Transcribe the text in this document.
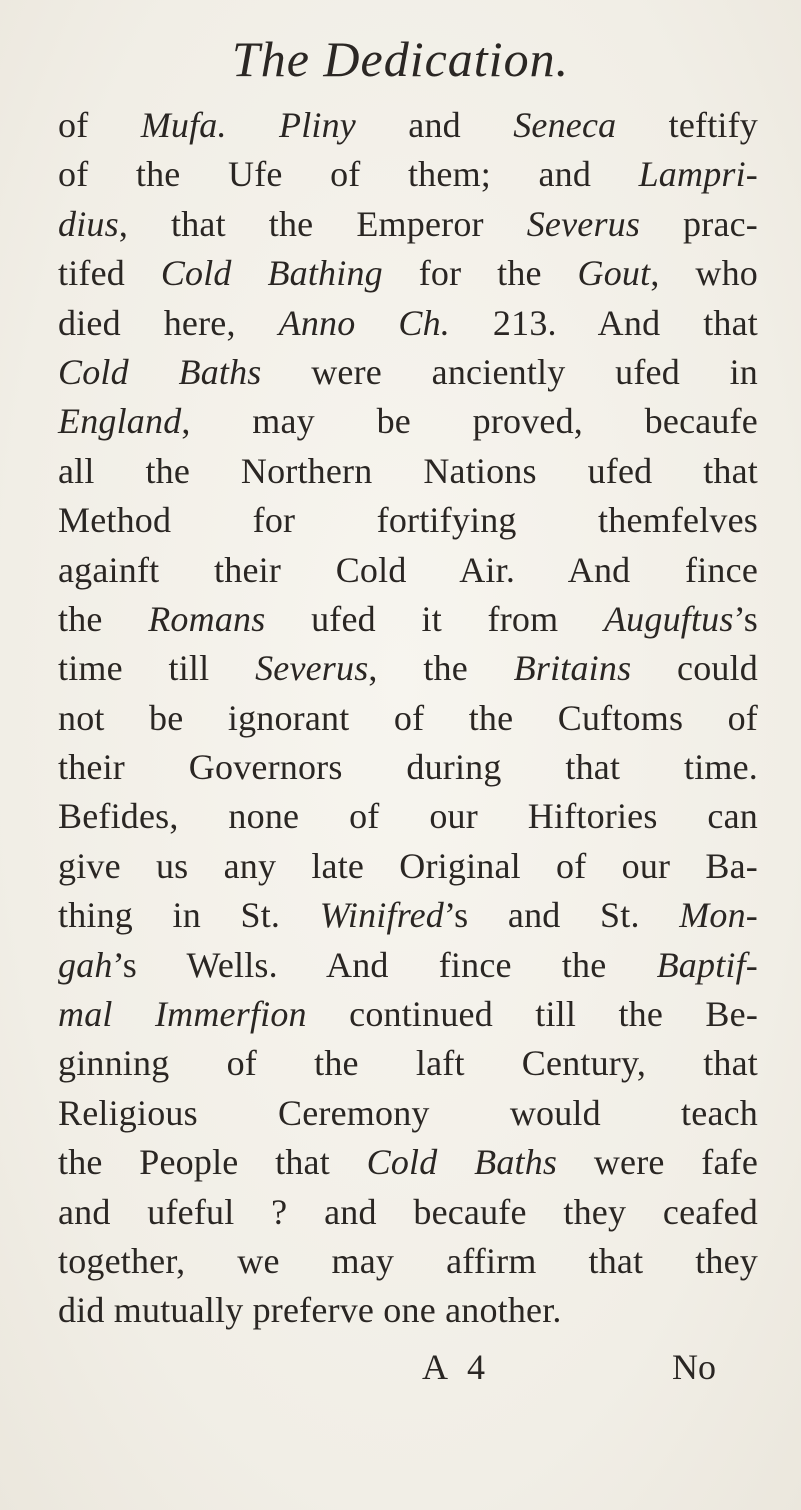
The Dedication.
of Mufa. Pliny and Seneca teftify
of the Ufe of them; and Lampri-
dius, that the Emperor Severus prac-
tifed Cold Bathing for the Gout, who
died here, Anno Ch. 213. And that
Cold Baths were anciently ufed in
England, may be proved, becaufe
all the Northern Nations ufed that
Method for fortifying themfelves
againft their Cold Air. And fince
the Romans ufed it from Auguftus’s
time till Severus, the Britains could
not be ignorant of the Cuftoms of
their Governors during that time.
Befides, none of our Hiftories can
give us any late Original of our Ba-
thing in St. Winifred’s and St. Mon-
gah’s Wells. And fince the Baptif-
mal Immerfion continued till the Be-
ginning of the laft Century, that
Religious Ceremony would teach
the People that Cold Baths were fafe
and ufeful ? and becaufe they ceafed
together, we may affirm that they
did mutually preferve one another.
A 4	No
